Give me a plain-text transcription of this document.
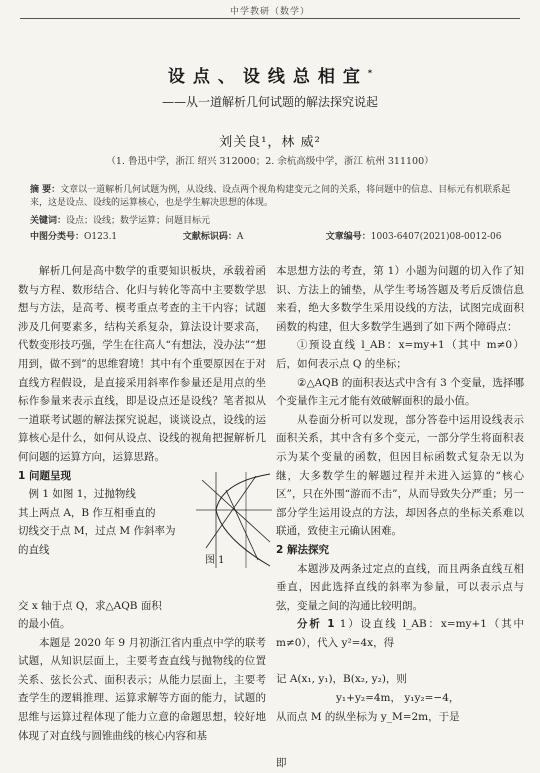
中学教研（数学）
设点、设线总相宜*
——从一道解析几何试题的解法探究说起
刘关良¹，林 威²
（1. 鲁迅中学，浙江 绍兴 312000；2. 余杭高级中学，浙江 杭州 311100）
摘 要：文章以一道解析几何试题为例，从设线、设点两个视角构建变元之间的关系，将问题中的信息、目标元有机联系起来，这是设点、设线的运算核心，也是学生解决思想的体现。
关键词：设点；设线；数学运算；问题目标元
中图分类号：O123.1	文献标识码：A	文章编号：1003-6407(2021)08-0012-06

解析几何是高中数学的重要知识板块，承载着函数与方程、数形结合、化归与转化等高中主要数学思想与方法，是高考、模考重点考查的主干内容；试题涉及几何要素多，结构关系复杂，算法设计要求高，代数变形技巧强，学生在往高人“有想法，没办法”“想用到，做不到”的思维窘境！其中有个重要原因在于对直线方程假设，是直接采用斜率作参量还是用点的坐标作参量来表示直线，即是设点还是设线？笔者拟从一道联考试题的解法探究说起，谈谈设点，设线的运算核心是什么，如何从设点、设线的视角把握解析几何问题的运算方向，运算思路。

1 问题呈现
例 1 如图 1，过抛物线
其上两点 A，B 作互相垂直的
切线交于点 M，过点 M 作斜率为
的直线
交 x 轴于点 Q，求△AQB 面积
的最小值。

本题是 2020 年 9 月初浙江省内重点中学的联考试题，从知识层面上，主要考查直线与抛物线的位置关系、弦长公式、面积表示；从能力层面上，主要考查学生的逻辑推理、运算求解等方面的能力，试题的思维与运算过程体现了能力立意的命题思想，较好地体现了对直线与圆锥曲线的核心内容和基

图 1

本思想方法的考查，第 1）小题为问题的切入作了知识、方法上的铺垫，从学生考场答题及考后反馈信息来看，绝大多数学生采用设线的方法，试图完成面积函数的构建，但大多数学生遇到了如下两个障碍点：

①预设直线 l_AB：x=my+1（其中 m≠0）后，如何表示点 Q 的坐标；

②△AQB 的面积表达式中含有 3 个变量，选择哪个变量作主元才能有效破解面积的最小值。

从卷面分析可以发现，部分答卷中运用设线表示面积关系，其中含有多个变元，一部分学生将面积表示为某个变量的函数，但因目标函数式复杂无以为继，大多数学生的解题过程并未进入运算的“核心区”，只在外围“游而不击”，从而导致失分严重；另一部分学生运用设点的方法，却因各点的坐标关系难以联通，致使主元确认困难。

2 解法探究

本题涉及两条过定点的直线，而且两条直线互相垂直，因此选择直线的斜率为参量，可以表示点与弦，变量之间的沟通比较明朗。

分析 1 1）设直线 l_AB：x=my+1（其中 m≠0），代入 y²=4x，得

记 A(x₁, y₁)，B(x₂, y₂)，则
y₁+y₂=4m， y₁y₂=−4，
从而点 M 的纵坐标为 y_M=2m，于是
即
